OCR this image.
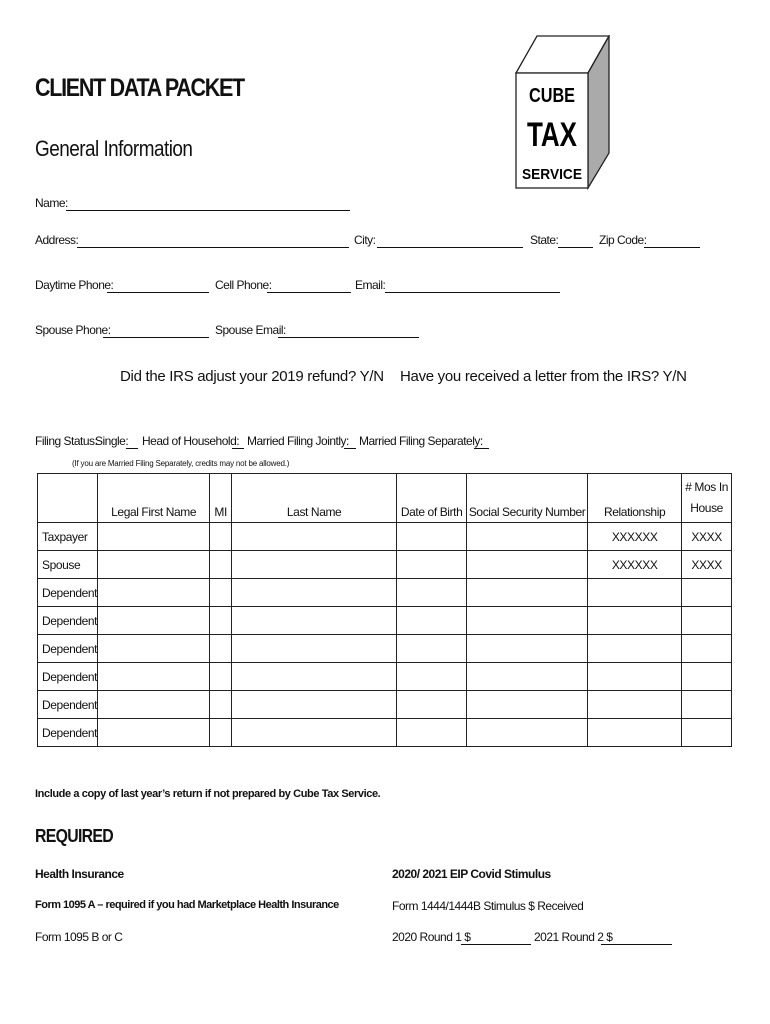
CLIENT DATA PACKET
General Information
CUBE
TAX
SERVICE
Name:
Address:	City:	State:	Zip Code:
Daytime Phone:	Cell Phone:	Email:
Spouse Phone:	Spouse Email:
Did the IRS adjust your 2019 refund? Y/N Have you received a letter from the IRS? Y/N
Filing Status:
Single: Head of Household: Married Filing Jointly: Married Filing Separately:
(If you are Married Filing Separately, credits may not be allowed.)
	Legal First Name	MI	Last Name	Date of Birth	Social Security Number	Relationship	# Mos In House
Taxpayer						XXXXXX	XXXX
Spouse						XXXXXX	XXXX
Dependent							
Dependent							
Dependent							
Dependent							
Dependent							
Dependent							
Include a copy of last year’s return if not prepared by Cube Tax Service.
REQUIRED
Health Insurance
Form 1095 A – required if you had Marketplace Health Insurance
Form 1095 B or C
2020/ 2021 EIP Covid Stimulus
Form 1444/1444B Stimulus $ Received
2020 Round 1 $	2021 Round 2 $
